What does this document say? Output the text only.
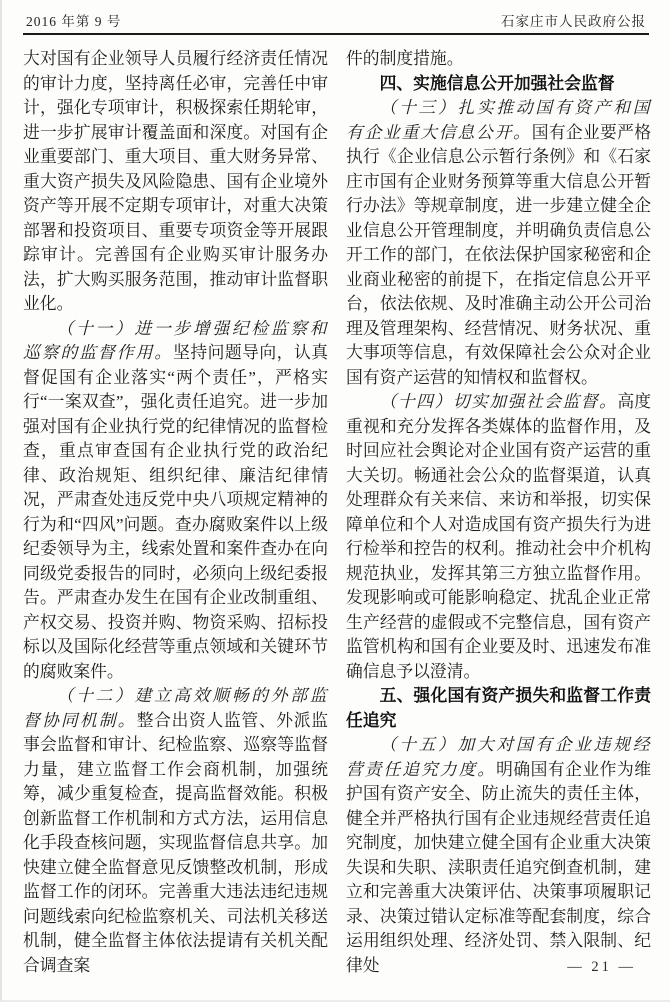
2016 年第 9 号	石家庄市人民政府公报

大对国有企业领导人员履行经济责任情况的审计力度，坚持离任必审，完善任中审计，强化专项审计，积极探索任期轮审，进一步扩展审计覆盖面和深度。对国有企业重要部门、重大项目、重大财务异常、重大资产损失及风险隐患、国有企业境外资产等开展不定期专项审计，对重大决策部署和投资项目、重要专项资金等开展跟踪审计。完善国有企业购买审计服务办法，扩大购买服务范围，推动审计监督职业化。

（十一）进一步增强纪检监察和巡察的监督作用。坚持问题导向，认真督促国有企业落实“两个责任”，严格实行“一案双查”，强化责任追究。进一步加强对国有企业执行党的纪律情况的监督检查，重点审查国有企业执行党的政治纪律、政治规矩、组织纪律、廉洁纪律情况，严肃查处违反党中央八项规定精神的行为和“四风”问题。查办腐败案件以上级纪委领导为主，线索处置和案件查办在向同级党委报告的同时，必须向上级纪委报告。严肃查办发生在国有企业改制重组、产权交易、投资并购、物资采购、招标投标以及国际化经营等重点领域和关键环节的腐败案件。

（十二）建立高效顺畅的外部监督协同机制。整合出资人监管、外派监事会监督和审计、纪检监察、巡察等监督力量，建立监督工作会商机制，加强统筹，减少重复检查，提高监督效能。积极创新监督工作机制和方式方法，运用信息化手段查核问题，实现监督信息共享。加快建立健全监督意见反馈整改机制，形成监督工作的闭环。完善重大违法违纪违规问题线索向纪检监察机关、司法机关移送机制，健全监督主体依法提请有关机关配合调查案

件的制度措施。

四、实施信息公开加强社会监督

（十三）扎实推动国有资产和国有企业重大信息公开。国有企业要严格执行《企业信息公示暂行条例》和《石家庄市国有企业财务预算等重大信息公开暂行办法》等规章制度，进一步建立健全企业信息公开管理制度，并明确负责信息公开工作的部门，在依法保护国家秘密和企业商业秘密的前提下，在指定信息公开平台，依法依规、及时准确主动公开公司治理及管理架构、经营情况、财务状况、重大事项等信息，有效保障社会公众对企业国有资产运营的知情权和监督权。

（十四）切实加强社会监督。高度重视和充分发挥各类媒体的监督作用，及时回应社会舆论对企业国有资产运营的重大关切。畅通社会公众的监督渠道，认真处理群众有关来信、来访和举报，切实保障单位和个人对造成国有资产损失行为进行检举和控告的权利。推动社会中介机构规范执业，发挥其第三方独立监督作用。发现影响或可能影响稳定、扰乱企业正常生产经营的虚假或不完整信息，国有资产监管机构和国有企业要及时、迅速发布准确信息予以澄清。

五、强化国有资产损失和监督工作责任追究

（十五）加大对国有企业违规经营责任追究力度。明确国有企业作为维护国有资产安全、防止流失的责任主体，健全并严格执行国有企业违规经营责任追究制度，加快建立健全国有企业重大决策失误和失职、渎职责任追究倒查机制，建立和完善重大决策评估、决策事项履职记录、决策过错认定标准等配套制度，综合运用组织处理、经济处罚、禁入限制、纪律处	— 21 —
